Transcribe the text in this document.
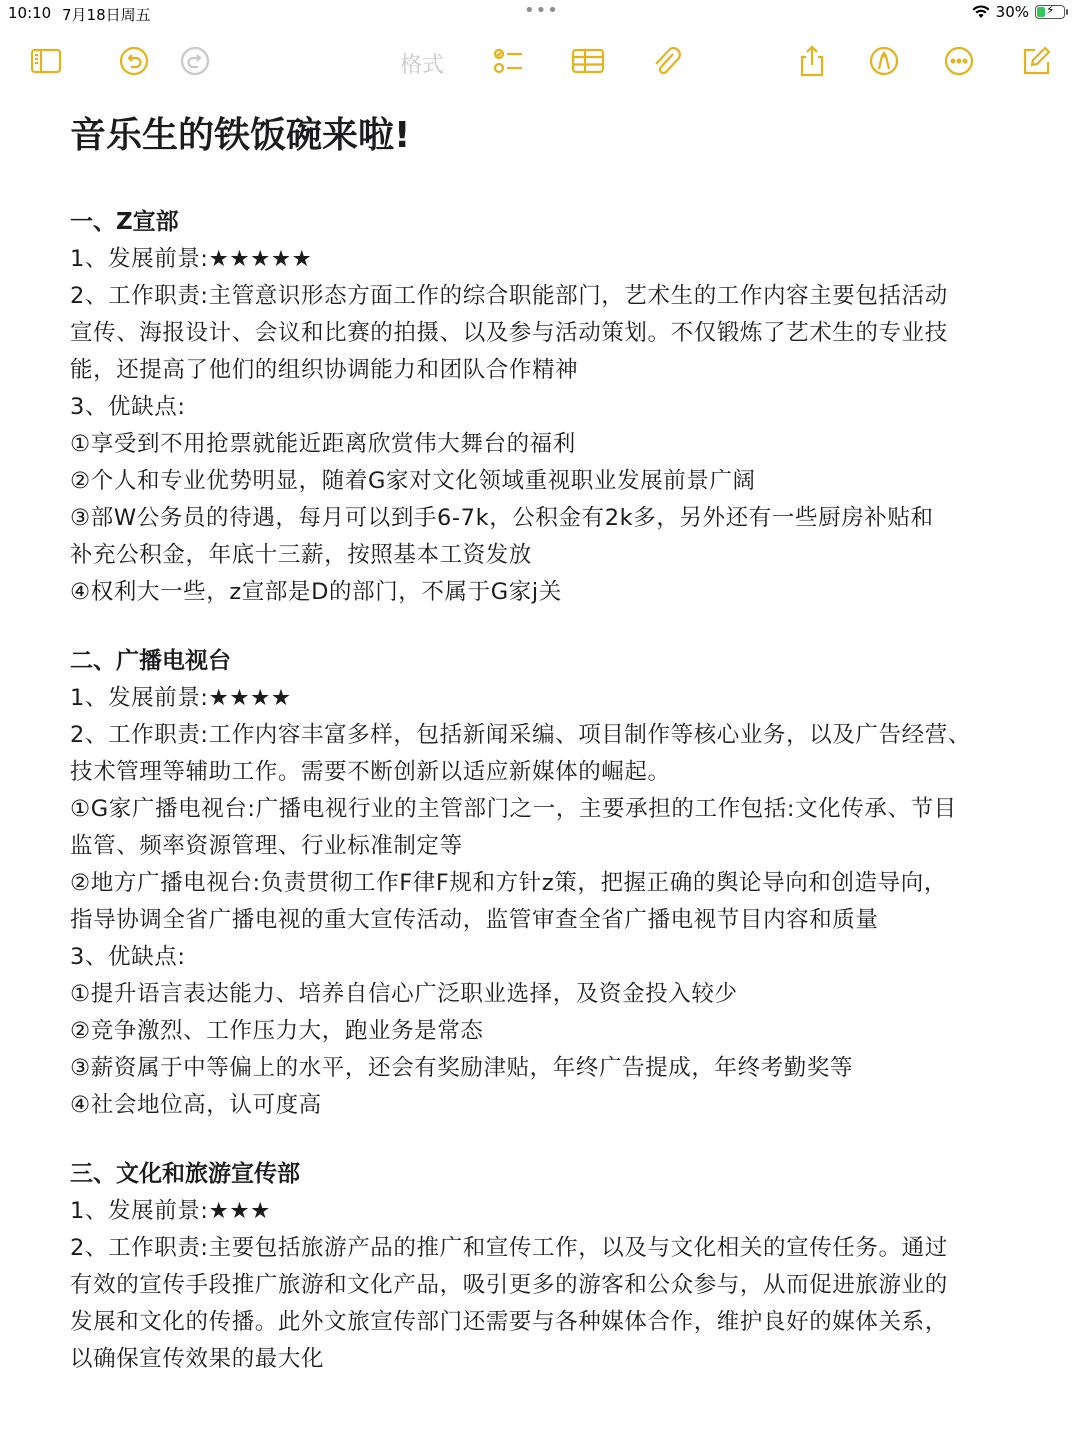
10:10 7月18日周五	•••	30% ⚡
格式
音乐生的铁饭碗来啦!
一、Z宣部
1、发展前景:★★★★★
2、工作职责:主管意识形态方面工作的综合职能部门，艺术生的工作内容主要包括活动
宣传、海报设计、会议和比赛的拍摄、以及参与活动策划。不仅锻炼了艺术生的专业技
能，还提高了他们的组织协调能力和团队合作精神
3、优缺点:
①享受到不用抢票就能近距离欣赏伟大舞台的福利
②个人和专业优势明显，随着G家对文化领域重视职业发展前景广阔
③部W公务员的待遇，每月可以到手6-7k，公积金有2k多，另外还有一些厨房补贴和
补充公积金，年底十三薪，按照基本工资发放
④权利大一些，z宣部是D的部门，不属于G家j关
二、广播电视台
1、发展前景:★★★★
2、工作职责:工作内容丰富多样，包括新闻采编、项目制作等核心业务，以及广告经营、
技术管理等辅助工作。需要不断创新以适应新媒体的崛起。
①G家广播电视台:广播电视行业的主管部门之一，主要承担的工作包括:文化传承、节目
监管、频率资源管理、行业标准制定等
②地方广播电视台:负责贯彻工作F律F规和方针z策，把握正确的舆论导向和创造导向，
指导协调全省广播电视的重大宣传活动，监管审查全省广播电视节目内容和质量
3、优缺点:
①提升语言表达能力、培养自信心广泛职业选择，及资金投入较少
②竞争激烈、工作压力大，跑业务是常态
③薪资属于中等偏上的水平，还会有奖励津贴，年终广告提成，年终考勤奖等
④社会地位高，认可度高
三、文化和旅游宣传部
1、发展前景:★★★
2、工作职责:主要包括旅游产品的推广和宣传工作，以及与文化相关的宣传任务。通过
有效的宣传手段推广旅游和文化产品，吸引更多的游客和公众参与，从而促进旅游业的
发展和文化的传播。此外文旅宣传部门还需要与各种媒体合作，维护良好的媒体关系，
以确保宣传效果的最大化
